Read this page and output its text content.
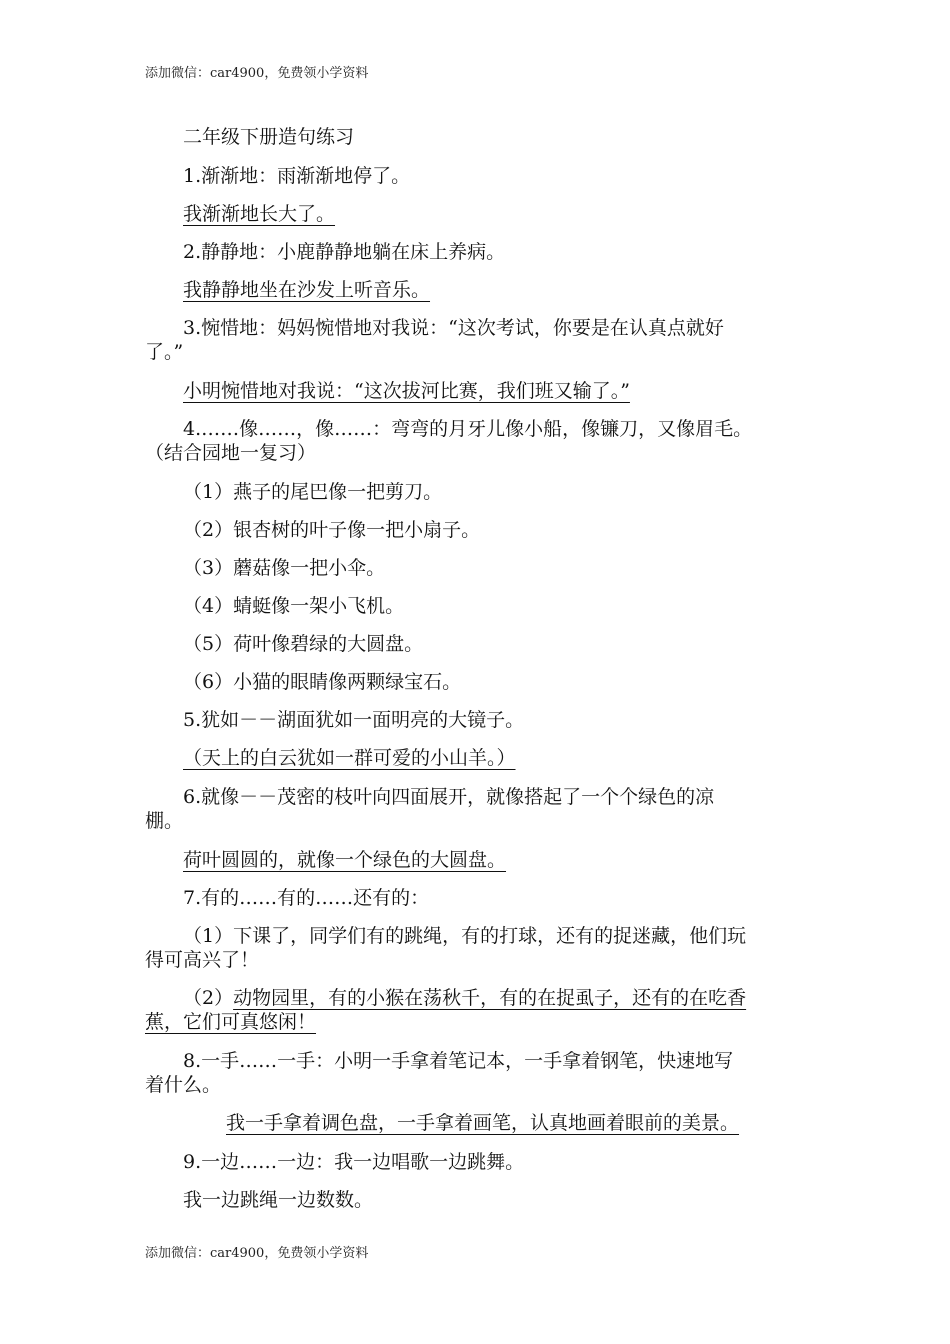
添加微信：car4900，免费领小学资料
二年级下册造句练习
1.渐渐地：雨渐渐地停了。
我渐渐地长大了。
2.静静地：小鹿静静地躺在床上养病。
我静静地坐在沙发上听音乐。
3.惋惜地：妈妈惋惜地对我说：“这次考试，你要是在认真点就好
了。”
小明惋惜地对我说：“这次拔河比赛，我们班又输了。”
4.……像……，像……：弯弯的月牙儿像小船，像镰刀，又像眉毛。
（结合园地一复习）
（1）燕子的尾巴像一把剪刀。
（2）银杏树的叶子像一把小扇子。
（3）蘑菇像一把小伞。
（4）蜻蜓像一架小飞机。
（5）荷叶像碧绿的大圆盘。
（6）小猫的眼睛像两颗绿宝石。
5.犹如－－湖面犹如一面明亮的大镜子。
（天上的白云犹如一群可爱的小山羊。）
6.就像－－茂密的枝叶向四面展开，就像搭起了一个个绿色的凉
棚。
荷叶圆圆的，就像一个绿色的大圆盘。
7.有的……有的……还有的：
（1）下课了，同学们有的跳绳，有的打球，还有的捉迷藏，他们玩
得可高兴了！
（2）动物园里，有的小猴在荡秋千，有的在捉虱子，还有的在吃香
蕉，它们可真悠闲！
8.一手……一手：小明一手拿着笔记本，一手拿着钢笔，快速地写
着什么。
我一手拿着调色盘，一手拿着画笔，认真地画着眼前的美景。
9.一边……一边：我一边唱歌一边跳舞。
我一边跳绳一边数数。
添加微信：car4900，免费领小学资料
